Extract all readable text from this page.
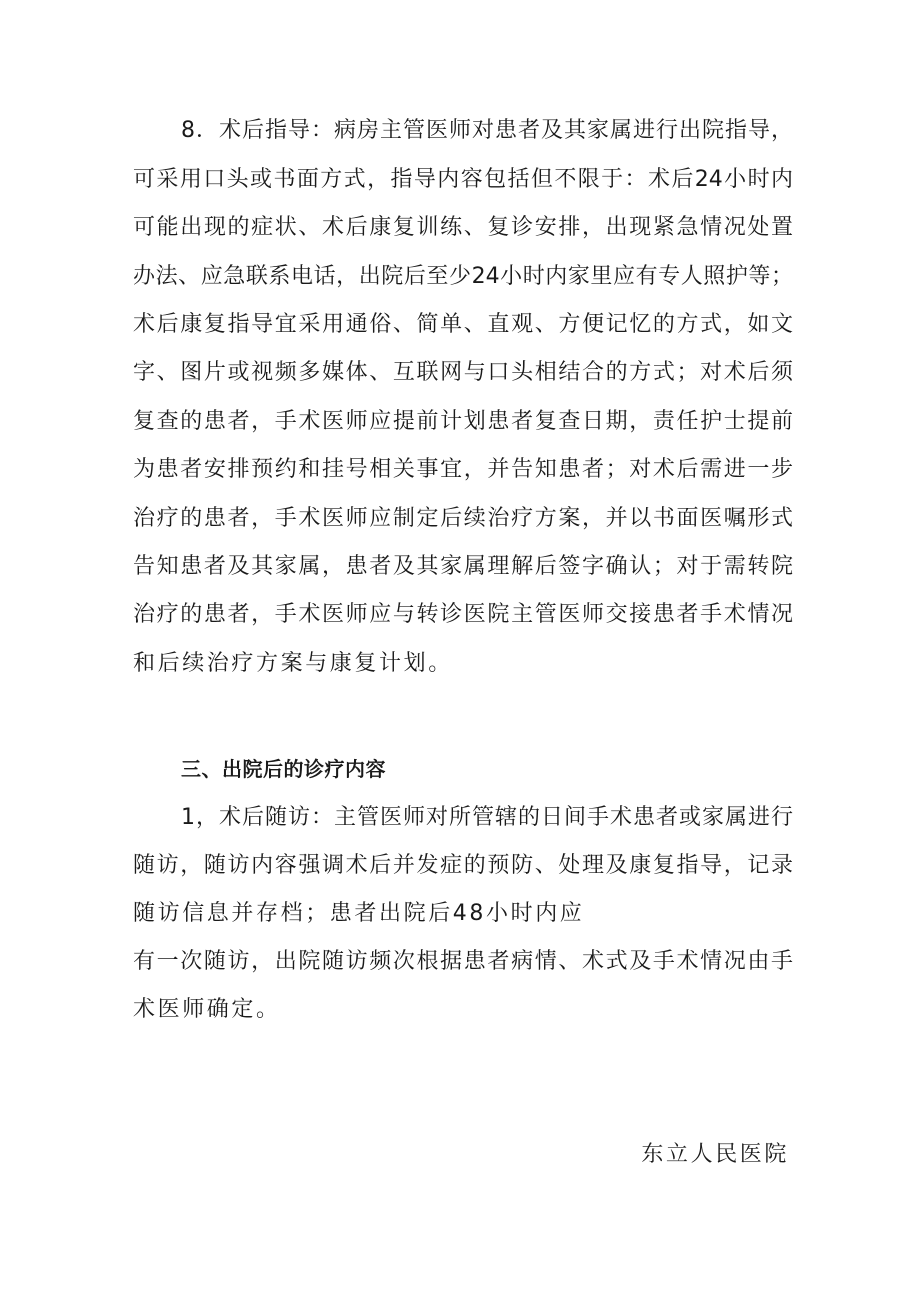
8．术后指导：病房主管医师对患者及其家属进行出院指导，
可采用口头或书面方式，指导内容包括但不限于：术后24小时内
可能出现的症状、术后康复训练、复诊安排，出现紧急情况处置
办法、应急联系电话，出院后至少24小时内家里应有专人照护等；
术后康复指导宜采用通俗、简单、直观、方便记忆的方式，如文
字、图片或视频多媒体、互联网与口头相结合的方式；对术后须
复查的患者，手术医师应提前计划患者复查日期，责任护士提前
为患者安排预约和挂号相关事宜，并告知患者；对术后需进一步
治疗的患者，手术医师应制定后续治疗方案，并以书面医嘱形式
告知患者及其家属，患者及其家属理解后签字确认；对于需转院
治疗的患者，手术医师应与转诊医院主管医师交接患者手术情况
和后续治疗方案与康复计划。
三、出院后的诊疗内容
1，术后随访：主管医师对所管辖的日间手术患者或家属进行
随访，随访内容强调术后并发症的预防、处理及康复指导，记录
随访信息并存档；患者出院后48小时内应
有一次随访，出院随访频次根据患者病情、术式及手术情况由手
术医师确定。
东立人民医院
